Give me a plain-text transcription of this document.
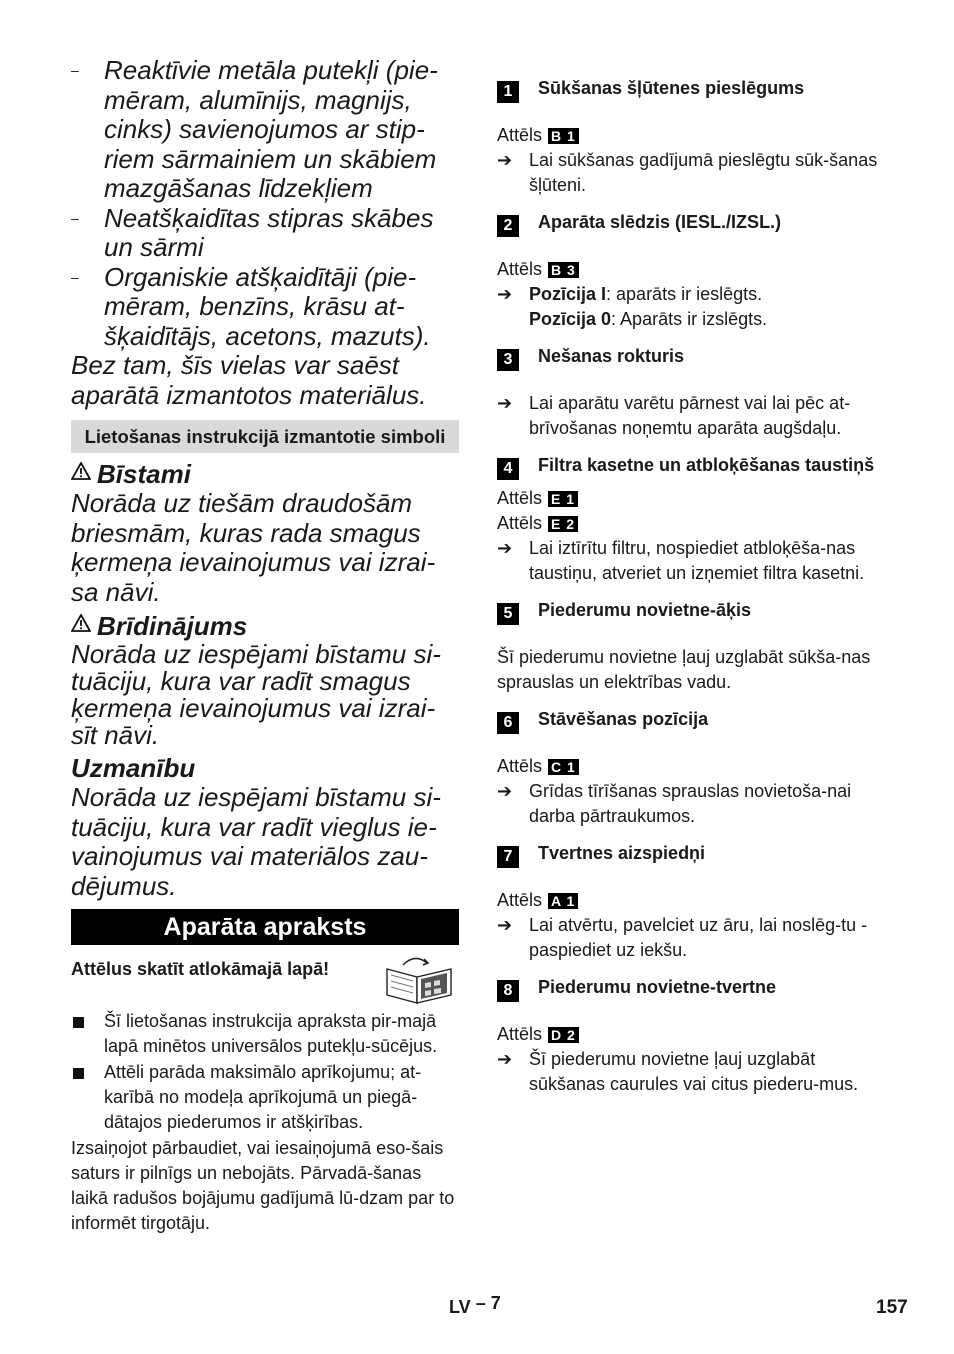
– Reaktīvie metāla putekļi (pie-mēram, alumīnijs, magnijs, cinks) savienojumos ar stip-riem sārmainiem un skābiem mazgāšanas līdzekļiem
– Neatšķaidītas stipras skābes un sārmi
– Organiskie atšķaidītāji (pie-mēram, benzīns, krāsu at-šķaidītājs, acetons, mazuts).

Bez tam, šīs vielas var saēst aparātā izmantotos materiālus.

Lietošanas instrukcijā izmantotie simboli

Bīstami

Norāda uz tiešām draudošām briesmām, kuras rada smagus ķermeņa ievainojumus vai izrai-sa nāvi.

Brīdinājums

Norāda uz iespējami bīstamu si-tuāciju, kura var radīt smagus ķermeņa ievainojumus vai izrai-sīt nāvi.

Uzmanību

Norāda uz iespējami bīstamu si-tuāciju, kura var radīt vieglus ie-vainojumus vai materiālos zau-dējumus.

Aparāta apraksts
Attēlus skatīt atlokāmajā lapā!
Šī lietošanas instrukcija apraksta pir-majā lapā minētos universālos putekļu-sūcējus.
Attēli parāda maksimālo aprīkojumu; at-karībā no modeļa aprīkojumā un piegā-dātajos piederumos ir atšķirības.

Izsaiņojot pārbaudiet, vai iesaiņojumā eso-šais saturs ir pilnīgs un nebojāts. Pārvadā-šanas laikā radušos bojājumu gadījumā lū-dzam par to informēt tirgotāju.

1	Sūkšanas šļūtenes pieslēgums
Attēls B 1
➔ Lai sūkšanas gadījumā pieslēgtu sūk-šanas šļūteni.
2	Aparāta slēdzis (IESL./IZSL.)
Attēls B 3
➔ Pozīcija I: aparāts ir ieslēgts.
Pozīcija 0: Aparāts ir izslēgts.
3	Nešanas rokturis
➔ Lai aparātu varētu pārnest vai lai pēc at-brīvošanas noņemtu aparāta augšdaļu.
4	Filtra kasetne un atbloķēšanas taustiņš
Attēls E 1
Attēls E 2
➔ Lai iztīrītu filtru, nospiediet atbloķēša-nas taustiņu, atveriet un izņemiet filtra kasetni.
5	Piederumu novietne-āķis

Šī piederumu novietne ļauj uzglabāt sūkša-nas sprauslas un elektrības vadu.

6	Stāvēšanas pozīcija
Attēls C 1
➔ Grīdas tīrīšanas sprauslas novietoša-nai darba pārtraukumos.
7	Tvertnes aizspiedņi
Attēls A 1
➔ Lai atvērtu, pavelciet uz āru, lai noslēg-tu - paspiediet uz iekšu.
8	Piederumu novietne-tvertne
Attēls D 2
➔ Šī piederumu novietne ļauj uzglabāt sūkšanas caurules vai citus piederu-mus.
LV
–
7	157
